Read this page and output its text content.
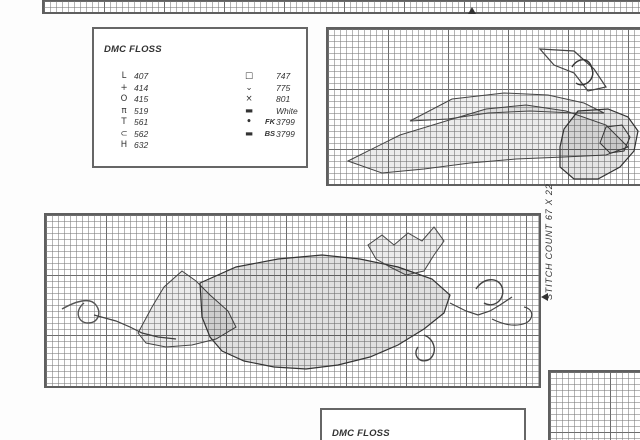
DMC FLOSS
L 407
+ 414
O 415
π 519
T 561
⊂ 562
H 632
□	747
⌄	775
×	801
▬	White
•	FK 3799
▬	BS 3799
STITCH COUNT 67 X 22
DMC FLOSS
